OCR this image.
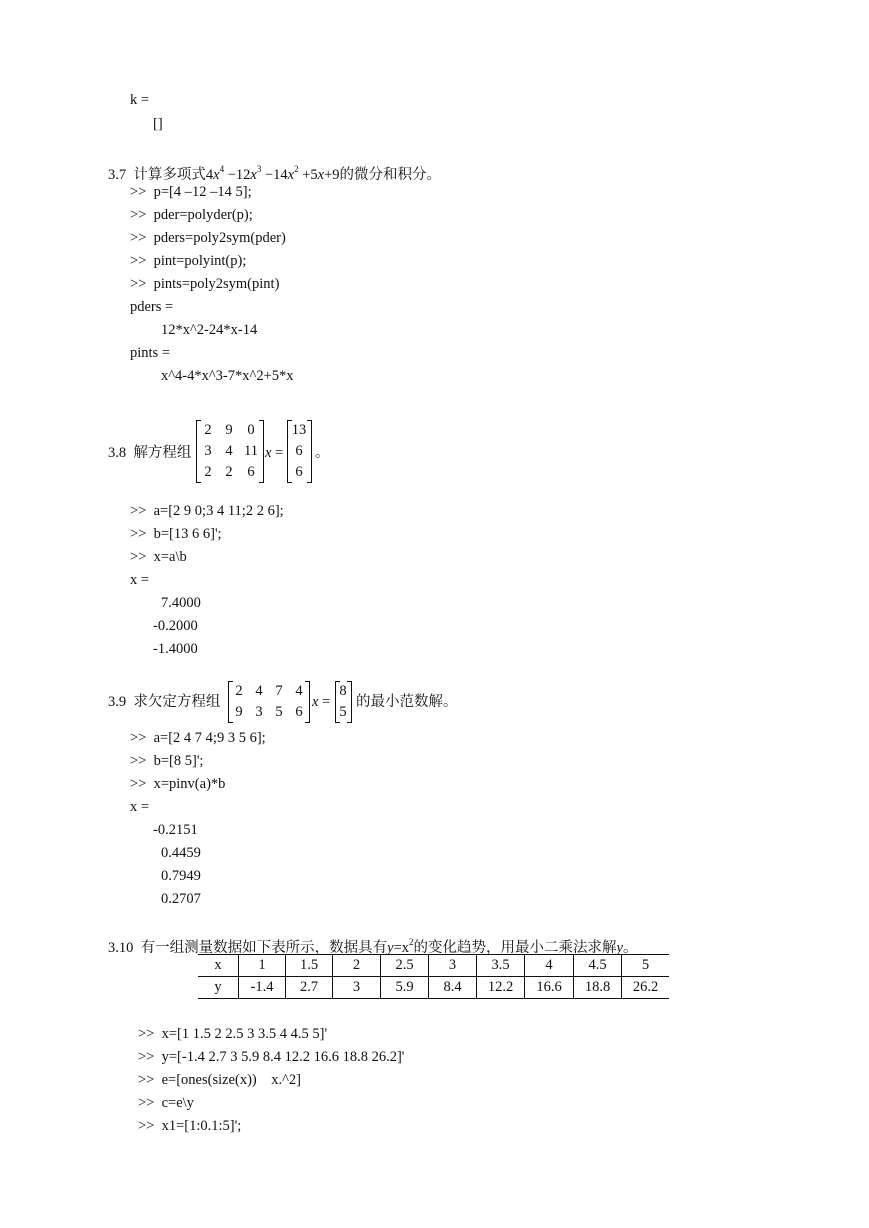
k =
[]
3.7 计算多项式$4x^4 -12x^3 -14x^2 +5x+9$的微分和积分。
>>  p=[4 –12 –14 5];
>>  pder=polyder(p);
>>  pders=poly2sym(pder)
>>  pint=polyint(p);
>>  pints=poly2sym(pint)
pders =
12*x^2-24*x-14
pints =
x^4-4*x^3-7*x^2+5*x
3.8 解方程组
2 9	0
3 4 11
2 2	6
x =
13
6
6
。
>>  a=[2 9 0;3 4 11;2 2 6];
>>  b=[13 6 6]';
>>  x=a\b
x =
7.4000
-0.2000
-1.4000
3.9 求欠定方程组
2 4 7 4
9 3 5 6
x =
8
5
的最小范数解。
>>  a=[2 4 7 4;9 3 5 6];
>>  b=[8 5]';
>>  x=pinv(a)*b
x =
-0.2151
0.4459
0.7949
0.2707
3.10 有一组测量数据如下表所示，数据具有$y=x^2$的变化趋势，用最小二乘法求解y。
x	1	1.5	2	2.5	3	3.5	4	4.5	5
y	-1.4	2.7	3	5.9	8.4	12.2	16.6	18.8	26.2
>>  x=[1 1.5 2 2.5 3 3.5 4 4.5 5]'
>>  y=[-1.4 2.7 3 5.9 8.4 12.2 16.6 18.8 26.2]'
>>  e=[ones(size(x))    x.^2]
>>  c=e\y
>>  x1=[1:0.1:5]';
